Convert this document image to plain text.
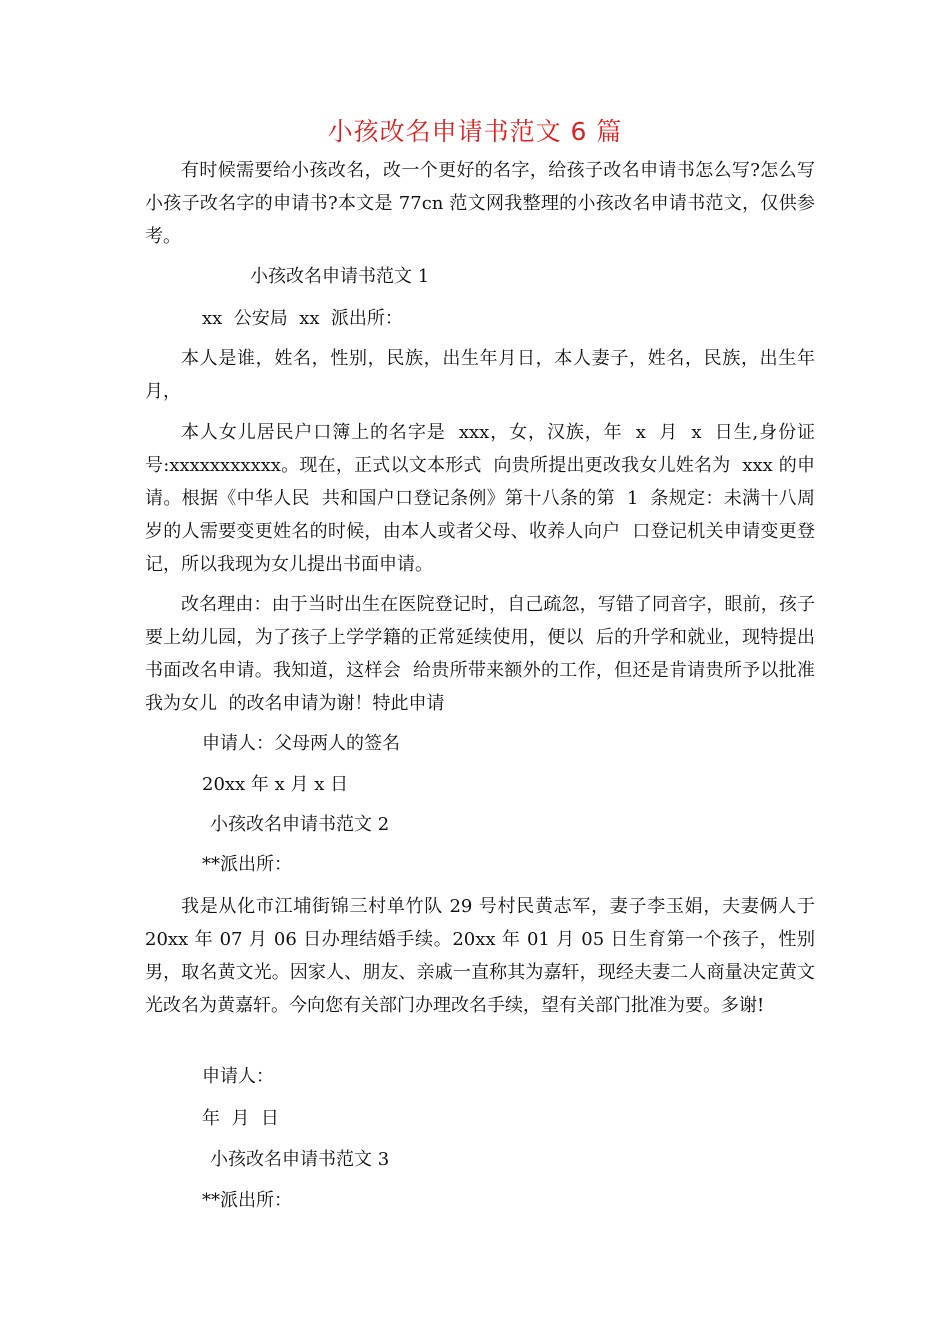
小孩改名申请书范文 6 篇

有时候需要给小孩改名，改一个更好的名字，给孩子改名申请书怎么写?怎么写小孩子改名字的申请书?本文是 77cn 范文网我整理的小孩改名申请书范文，仅供参考。

小孩改名申请书范文 1

xx  公安局  xx  派出所：

本人是谁，姓名，性别，民族，出生年月日，本人妻子，姓名，民族，出生年月，

本人女儿居民户口簿上的名字是  xxx，女，汉族，年  x  月  x  日生,身份证号:xxxxxxxxxxx。现在，正式以文本形式  向贵所提出更改我女儿姓名为  xxx 的申请。根据《中华人民  共和国户口登记条例》第十八条的第  1  条规定：未满十八周  岁的人需要变更姓名的时候，由本人或者父母、收养人向户  口登记机关申请变更登记，所以我现为女儿提出书面申请。

改名理由：由于当时出生在医院登记时，自己疏忽，写错了同音字，眼前，孩子要上幼儿园，为了孩子上学学籍的正常延续使用，便以  后的升学和就业，现特提出书面改名申请。我知道，这样会  给贵所带来额外的工作，但还是肯请贵所予以批准我为女儿  的改名申请为谢！特此申请

申请人：父母两人的签名

20xx 年 x 月 x 日

小孩改名申请书范文 2

**派出所：

我是从化市江埔街锦三村单竹队 29 号村民黄志军，妻子李玉娟，夫妻俩人于 20xx 年 07 月 06 日办理结婚手续。20xx 年 01 月 05 日生育第一个孩子，性别男，取名黄文光。因家人、朋友、亲戚一直称其为嘉轩，现经夫妻二人商量决定黄文光改名为黄嘉轩。今向您有关部门办理改名手续，望有关部门批准为要。多谢!

申请人：

年  月  日

小孩改名申请书范文 3

**派出所：
